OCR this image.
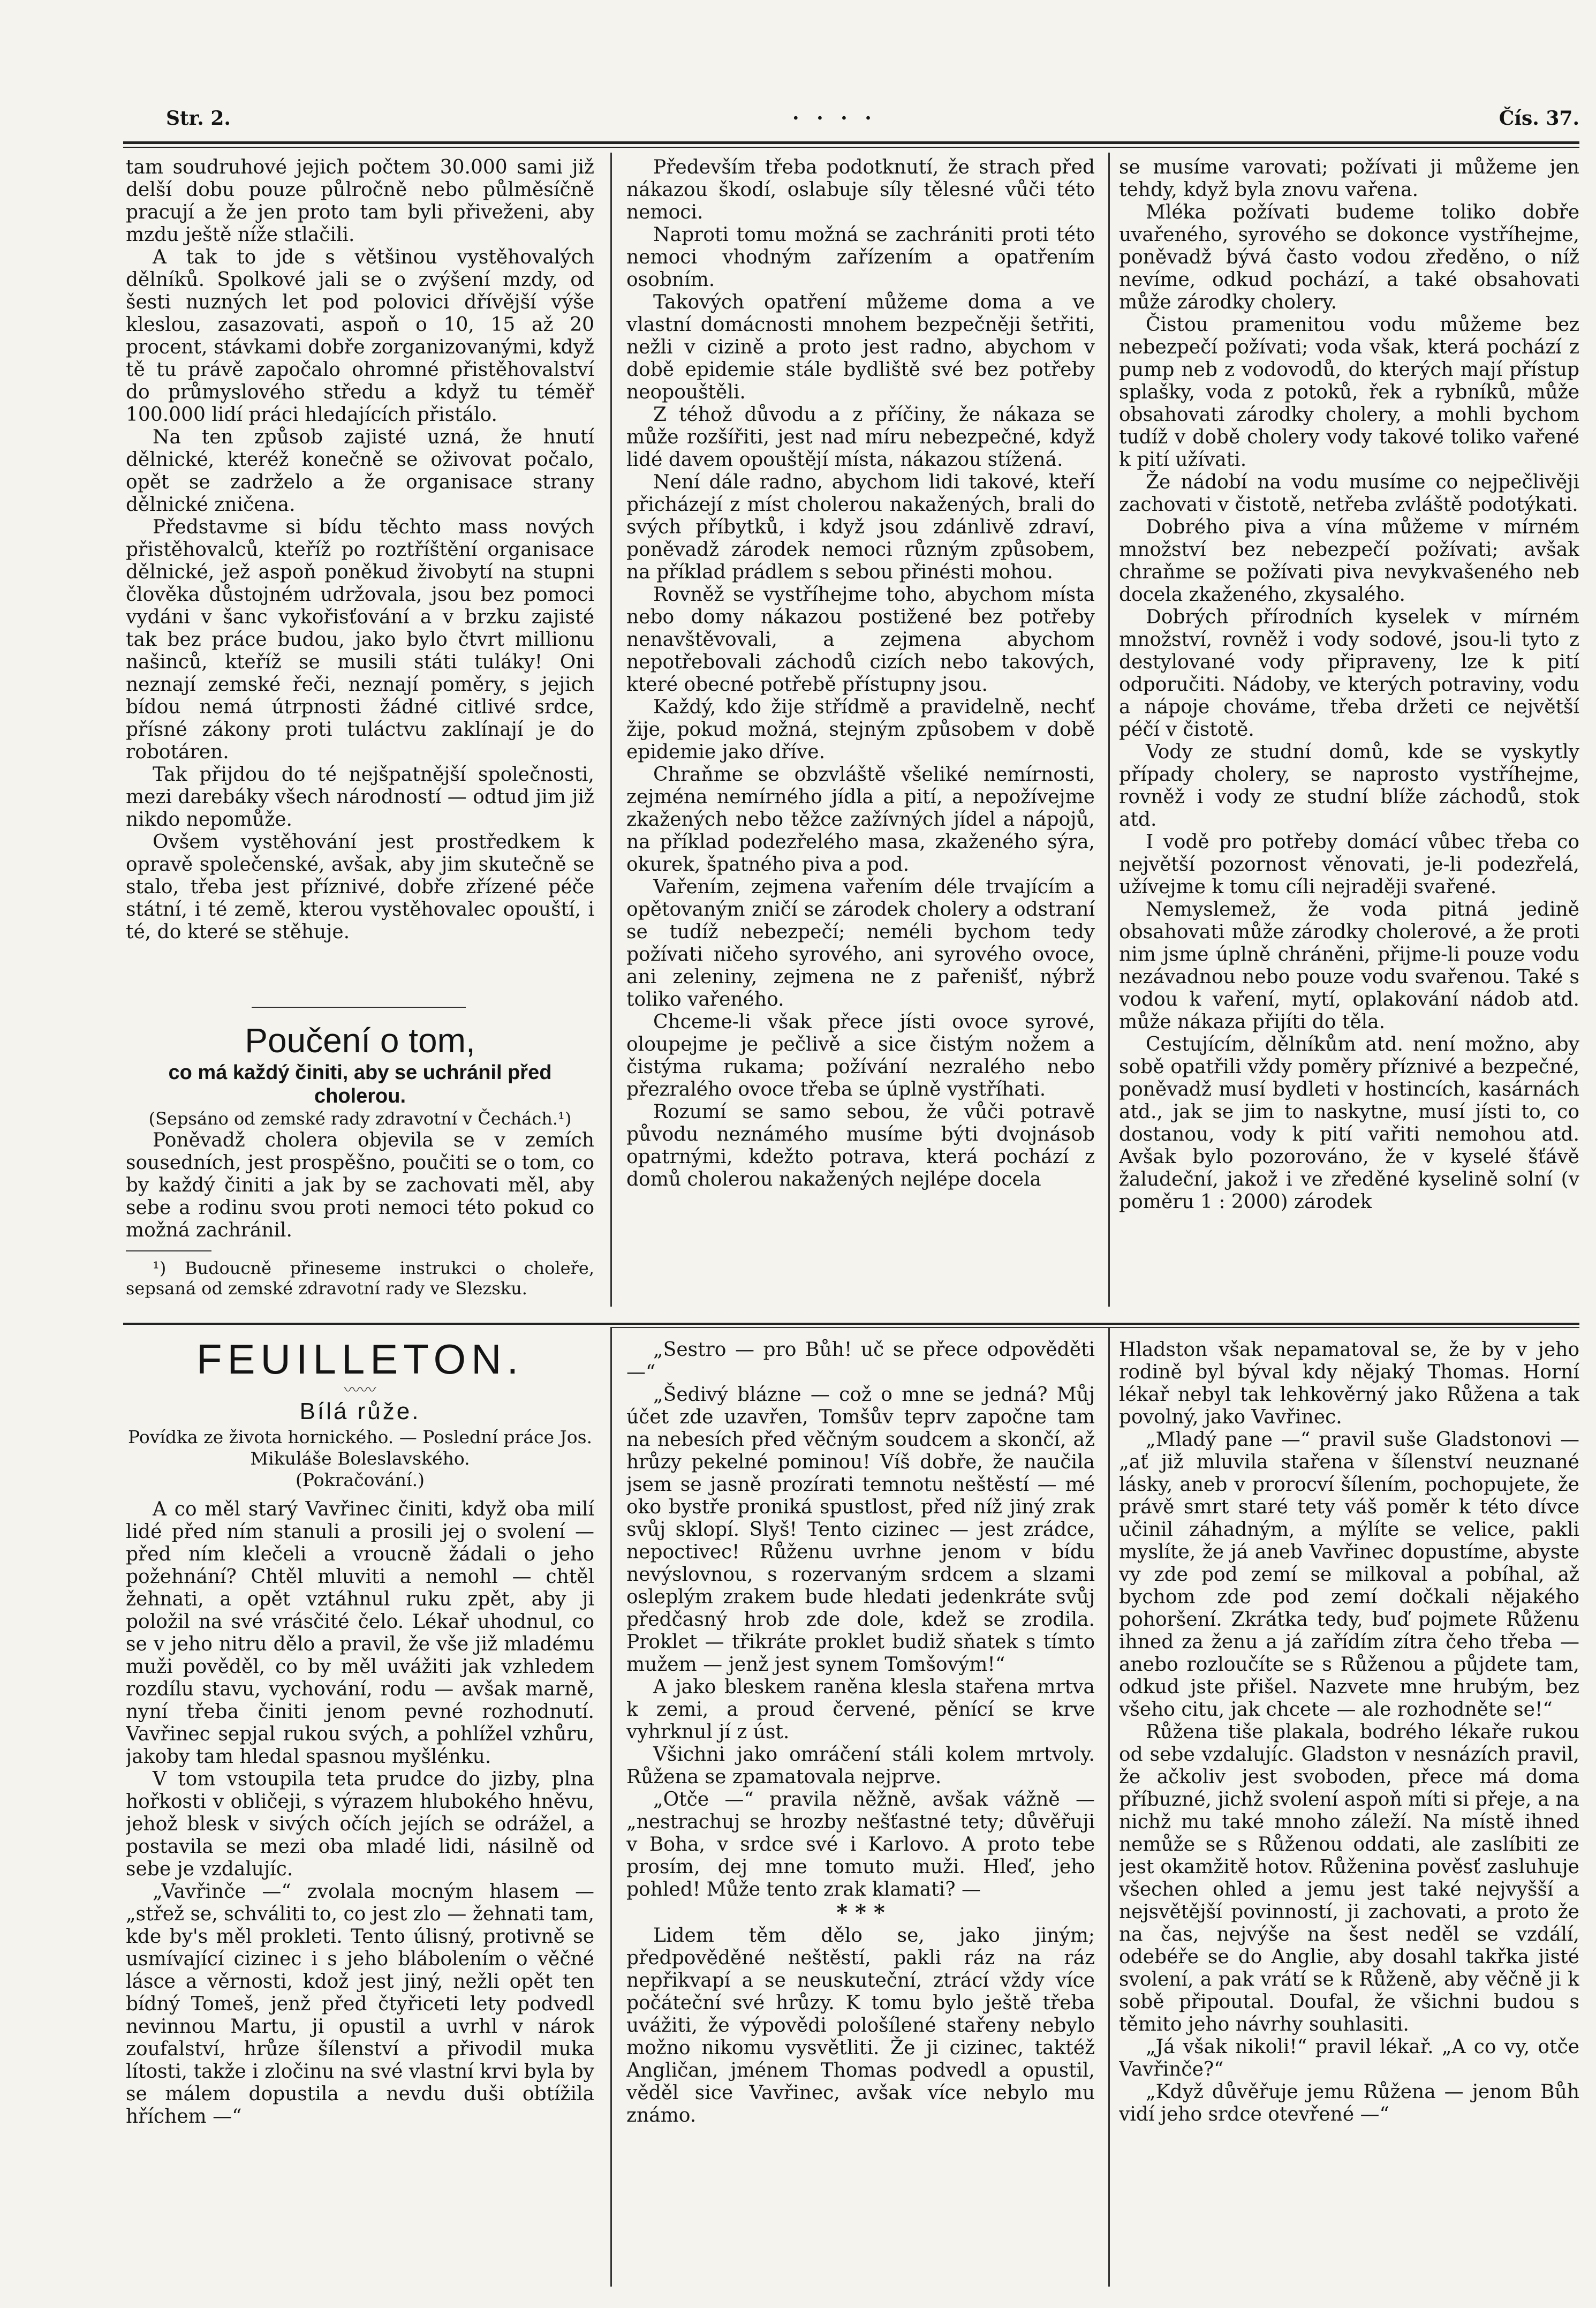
Str. 2.	· · · ·	Čís. 37.

tam soudruhové jejich počtem 30.000 sami již delší dobu pouze půlročně nebo půlměsíčně pracují a že jen proto tam byli přiveženi, aby mzdu ještě níže stlačili.

A tak to jde s většinou vystěhovalých dělníků. Spolkové jali se o zvýšení mzdy, od šesti nuzných let pod polovici dřívější výše kleslou, zasazovati, aspoň o 10, 15 až 20 procent, stávkami dobře zorganizovanými, když tě tu právě započalo ohromné přistěhovalství do průmyslového středu a když tu téměř 100.000 lidí práci hledajících přistálo.

Na ten způsob zajisté uzná, že hnutí dělnické, kteréž konečně se oživovat počalo, opět se zadrželo a že organisace strany dělnické zničena.

Představme si bídu těchto mass nových přistěhovalců, kteříž po roztříštění organisace dělnické, jež aspoň poněkud živobytí na stupni člověka důstojném udržovala, jsou bez pomoci vydáni v šanc vykořisťování a v brzku zajisté tak bez práce budou, jako bylo čtvrt millionu našinců, kteříž se musili státi tuláky! Oni neznají zemské řeči, neznají poměry, s jejich bídou nemá útrpnosti žádné citlivé srdce, přísné zákony proti tuláctvu zaklínají je do robotáren.

Tak přijdou do té nejšpatnější společnosti, mezi darebáky všech národností — odtud jim již nikdo nepomůže.

Ovšem vystěhování jest prostředkem k opravě společenské, avšak, aby jim skutečně se stalo, třeba jest příznivé, dobře zřízené péče státní, i té země, kterou vystěhovalec opouští, i té, do které se stěhuje.

Poučení o tom,
co má každý činiti, aby se uchránil před cholerou.
(Sepsáno od zemské rady zdravotní v Čechách.¹)

Poněvadž cholera objevila se v zemích sousedních, jest prospěšno, poučiti se o tom, co by každý činiti a jak by se zachovati měl, aby sebe a rodinu svou proti nemoci této pokud co možná zachránil.

¹) Budoucně přineseme instrukci o choleře, sepsaná od zemské zdravotní rady ve Slezsku.

Především třeba podotknutí, že strach před nákazou škodí, oslabuje síly tělesné vůči této nemoci.

Naproti tomu možná se zachrániti proti této nemoci vhodným zařízením a opatřením osobním.

Takových opatření můžeme doma a ve vlastní domácnosti mnohem bezpečněji šetřiti, nežli v cizině a proto jest radno, abychom v době epidemie stále bydliště své bez potřeby neopouštěli.

Z téhož důvodu a z příčiny, že nákaza se může rozšířiti, jest nad míru nebezpečné, když lidé davem opouštějí místa, nákazou stížená.

Není dále radno, abychom lidi takové, kteří přicházejí z míst cholerou nakažených, brali do svých příbytků, i když jsou zdánlivě zdraví, poněvadž zárodek nemoci různým způsobem, na příklad prádlem s sebou přinésti mohou.

Rovněž se vystříhejme toho, abychom místa nebo domy nákazou postižené bez potřeby nenavštěvovali, a zejmena abychom nepotřebovali záchodů cizích nebo takových, které obecné potřebě přístupny jsou.

Každý, kdo žije střídmě a pravidelně, nechť žije, pokud možná, stejným způsobem v době epidemie jako dříve.

Chraňme se obzvláště všeliké nemírnosti, zejména nemírného jídla a pití, a nepožívejme zkažených nebo těžce zažívných jídel a nápojů, na příklad podezřelého masa, zkaženého sýra, okurek, špatného piva a pod.

Vařením, zejmena vařením déle trvajícím a opětovaným zničí se zárodek cholery a odstraní se tudíž nebezpečí; neméli bychom tedy požívati ničeho syrového, ani syrového ovoce, ani zeleniny, zejmena ne z pařenišť, nýbrž toliko vařeného.

Chceme-li však přece jísti ovoce syrové, oloupejme je pečlivě a sice čistým nožem a čistýma rukama; požívání nezralého nebo přezralého ovoce třeba se úplně vystříhati.

Rozumí se samo sebou, že vůči potravě původu neznámého musíme býti dvojnásob opatrnými, kdežto potrava, která pochází z domů cholerou nakažených nejlépe docela

se musíme varovati; požívati ji můžeme jen tehdy, když byla znovu vařena.

Mléka požívati budeme toliko dobře uvařeného, syrového se dokonce vystříhejme, poněvadž bývá často vodou zředěno, o níž nevíme, odkud pochází, a také obsahovati může zárodky cholery.

Čistou pramenitou vodu můžeme bez nebezpečí požívati; voda však, která pochází z pump neb z vodovodů, do kterých mají přístup splašky, voda z potoků, řek a rybníků, může obsahovati zárodky cholery, a mohli bychom tudíž v době cholery vody takové toliko vařené k pití užívati.

Že nádobí na vodu musíme co nejpečlivěji zachovati v čistotě, netřeba zvláště podotýkati.

Dobrého piva a vína můžeme v mírném množství bez nebezpečí požívati; avšak chraňme se požívati piva nevykvašeného neb docela zkaženého, zkysalého.

Dobrých přírodních kyselek v mírném množství, rovněž i vody sodové, jsou-li tyto z destylované vody připraveny, lze k pití odporučiti. Nádoby, ve kterých potraviny, vodu a nápoje chováme, třeba držeti ce největší péčí v čistotě.

Vody ze studní domů, kde se vyskytly případy cholery, se naprosto vystříhejme, rovněž i vody ze studní blíže záchodů, stok atd.

I vodě pro potřeby domácí vůbec třeba co největší pozornost věnovati, je-li podezřelá, užívejme k tomu cíli nejraději svařené.

Nemyslemež, že voda pitná jedině obsahovati může zárodky cholerové, a že proti nim jsme úplně chráněni, přijme-li pouze vodu nezávadnou nebo pouze vodu svařenou. Také s vodou k vaření, mytí, oplakování nádob atd. může nákaza přijíti do těla.

Cestujícím, dělníkům atd. není možno, aby sobě opatřili vždy poměry příznivé a bezpečné, poněvadž musí bydleti v hostincích, kasárnách atd., jak se jim to naskytne, musí jísti to, co dostanou, vody k pití vařiti nemohou atd. Avšak bylo pozorováno, že v kyselé šťávě žaludeční, jakož i ve zředěné kyselině solní (v poměru 1 : 2000) zárodek

FEUILLETON.
〰〰
Bílá růže.
Povídka ze života hornického. — Poslední práce Jos. Mikuláše Boleslavského.
(Pokračování.)

A co měl starý Vavřinec činiti, když oba milí lidé před ním stanuli a prosili jej o svolení — před ním klečeli a vroucně žádali o jeho požehnání? Chtěl mluviti a nemohl — chtěl žehnati, a opět vztáhnul ruku zpět, aby ji položil na své vrásčité čelo. Lékař uhodnul, co se v jeho nitru dělo a pravil, že vše již mladému muži pověděl, co by měl uvážiti jak vzhledem rozdílu stavu, vychování, rodu — avšak marně, nyní třeba činiti jenom pevné rozhodnutí. Vavřinec sepjal rukou svých, a pohlížel vzhůru, jakoby tam hledal spasnou myšlénku.

V tom vstoupila teta prudce do jizby, plna hořkosti v obličeji, s výrazem hlubokého hněvu, jehož blesk v sivých očích jejích se odrážel, a postavila se mezi oba mladé lidi, násilně od sebe je vzdalujíc.

„Vavřinče —“ zvolala mocným hlasem — „střež se, schváliti to, co jest zlo — žehnati tam, kde by's měl prokleti. Tento úlisný, protivně se usmívající cizinec i s jeho blábolením o věčné lásce a věrnosti, kdož jest jiný, nežli opět ten bídný Tomeš, jenž před čtyřiceti lety podvedl nevinnou Martu, ji opustil a uvrhl v nárok zoufalství, hrůze šílenství a přivodil muka lítosti, takže i zločinu na své vlastní krvi byla by se málem dopustila a nevdu duši obtížila hříchem —“

„Sestro — pro Bůh! uč se přece odpověděti —“

„Šedivý blázne — což o mne se jedná? Můj účet zde uzavřen, Tomšův teprv započne tam na nebesích před věčným soudcem a skončí, až hrůzy pekelné pominou! Víš dobře, že naučila jsem se jasně prozírati temnotu neštěstí — mé oko bystře proniká spustlost, před níž jiný zrak svůj sklopí. Slyš! Tento cizinec — jest zrádce, nepoctivec! Růženu uvrhne jenom v bídu nevýslovnou, s rozervaným srdcem a slzami osleplým zrakem bude hledati jedenkráte svůj předčasný hrob zde dole, kdež se zrodila. Proklet — třikráte proklet budiž sňatek s tímto mužem — jenž jest synem Tomšovým!“

A jako bleskem raněna klesla stařena mrtva k zemi, a proud červené, pěnící se krve vyhrknul jí z úst.

Všichni jako omráčení stáli kolem mrtvoly. Růžena se zpamatovala nejprve.

„Otče —“ pravila něžně, avšak vážně — „nestrachuj se hrozby nešťastné tety; důvěřuji v Boha, v srdce své i Karlovo. A proto tebe prosím, dej mne tomuto muži. Hleď, jeho pohled! Může tento zrak klamati? —

* * *

Lidem těm dělo se, jako jiným; předpověděné neštěstí, pakli ráz na ráz nepřikvapí a se neuskuteční, ztrácí vždy více počáteční své hrůzy. K tomu bylo ještě třeba uvážiti, že výpovědi pološílené stařeny nebylo možno nikomu vysvětliti. Že ji cizinec, taktéž Angličan, jménem Thomas podvedl a opustil, věděl sice Vavřinec, avšak více nebylo mu známo.

Hladston však nepamatoval se, že by v jeho rodině byl býval kdy nějaký Thomas. Horní lékař nebyl tak lehkověrný jako Růžena a tak povolný, jako Vavřinec.

„Mladý pane —“ pravil suše Gladstonovi — „ať již mluvila stařena v šílenství neuznané lásky, aneb v prorocví šílením, pochopujete, že právě smrt staré tety váš poměr k této dívce učinil záhadným, a mýlíte se velice, pakli myslíte, že já aneb Vavřinec dopustíme, abyste vy zde pod zemí se milkoval a pobíhal, až bychom zde pod zemí dočkali nějakého pohoršení. Zkrátka tedy, buď pojmete Růženu ihned za ženu a já zařídím zítra čeho třeba — anebo rozloučíte se s Růženou a půjdete tam, odkud jste přišel. Nazvete mne hrubým, bez všeho citu, jak chcete — ale rozhodněte se!“

Růžena tiše plakala, bodrého lékaře rukou od sebe vzdalujíc. Gladston v nesnázích pravil, že ačkoliv jest svoboden, přece má doma příbuzné, jichž svolení aspoň míti si přeje, a na nichž mu také mnoho záleží. Na místě ihned nemůže se s Růženou oddati, ale zaslíbiti ze jest okamžitě hotov. Růženina pověsť zasluhuje všechen ohled a jemu jest také nejvyšší a nejsvětější povinností, ji zachovati, a proto že na čas, nejvýše na šest neděl se vzdálí, odebéře se do Anglie, aby dosahl takřka jisté svolení, a pak vrátí se k Růženě, aby věčně ji k sobě připoutal. Doufal, že všichni budou s těmito jeho návrhy souhlasiti.

„Já však nikoli!“ pravil lékař. „A co vy, otče Vavřinče?“

„Když důvěřuje jemu Růžena — jenom Bůh vidí jeho srdce otevřené —“
